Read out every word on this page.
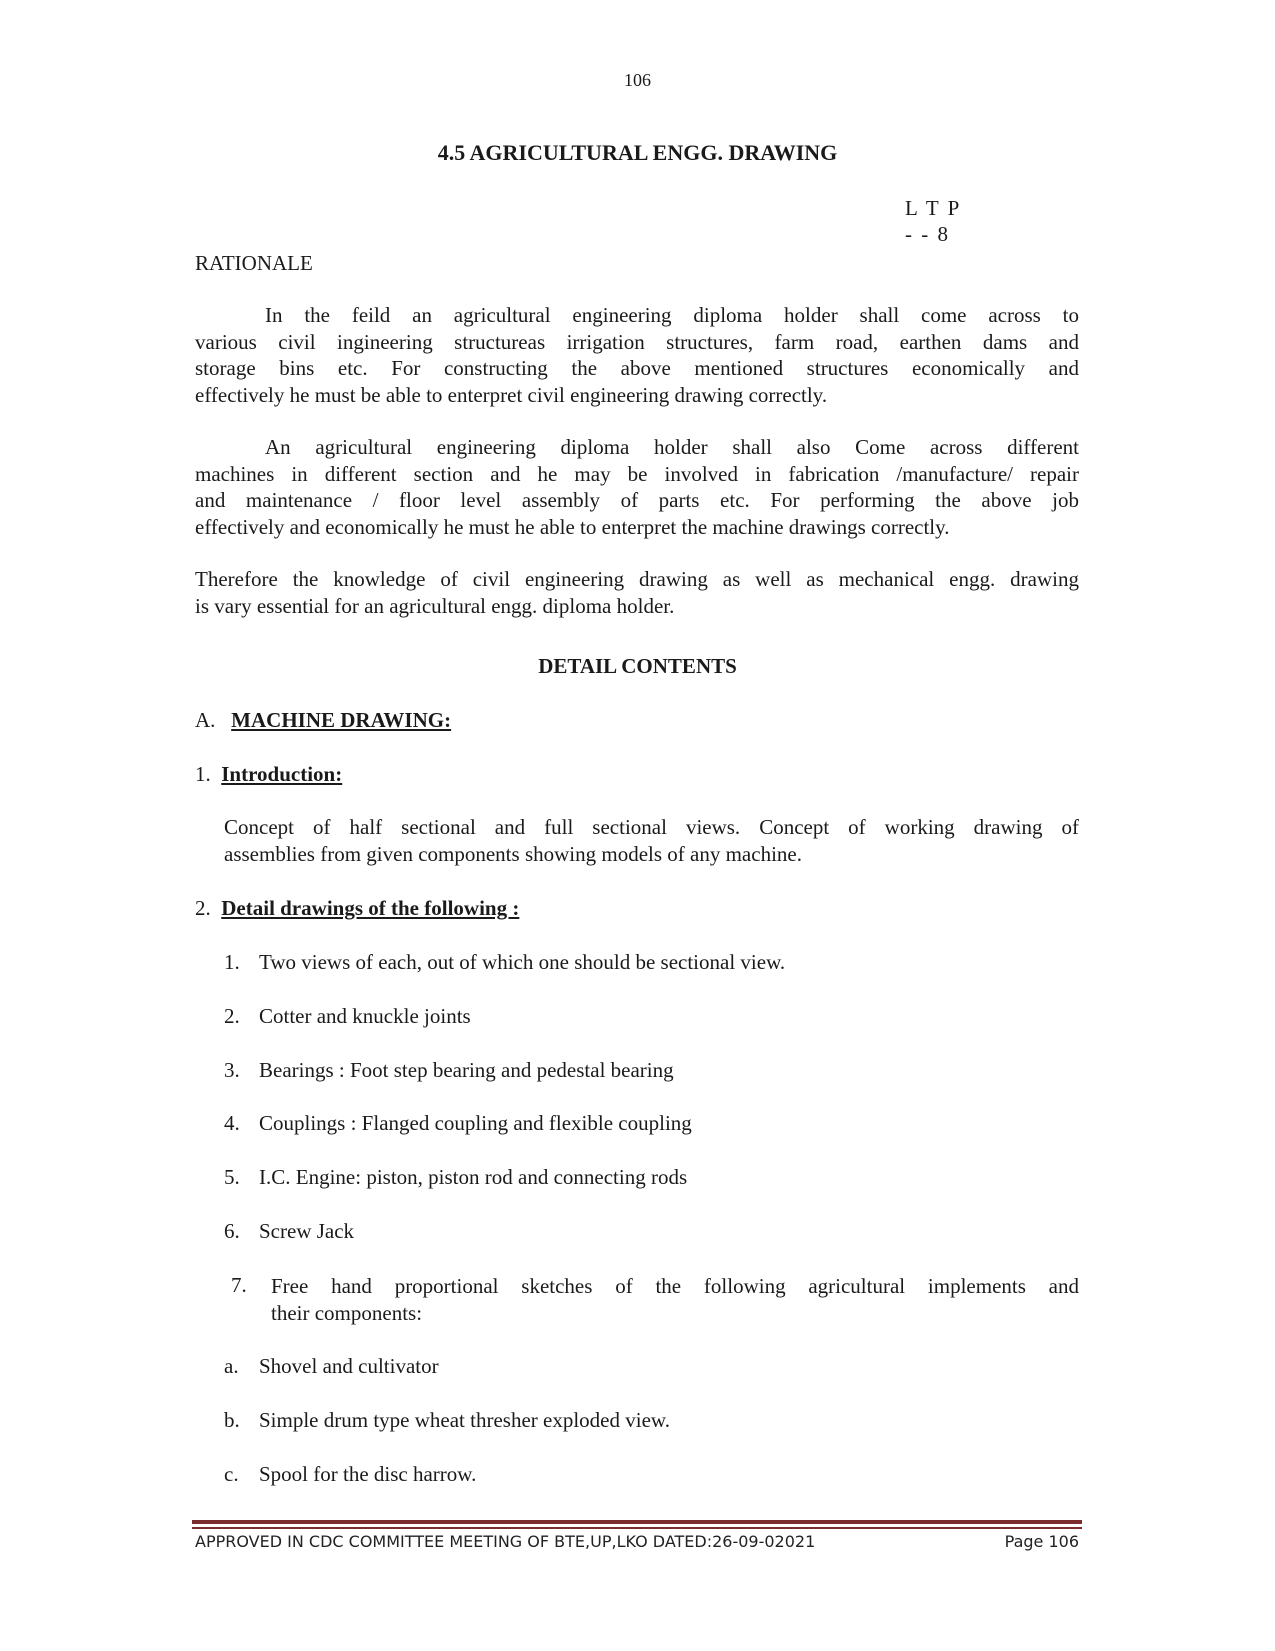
106
4.5 AGRICULTURAL ENGG. DRAWING
L T P
- - 8
RATIONALE
In the feild an agricultural engineering diploma holder shall come across to
various civil ingineering structureas irrigation structures, farm road, earthen dams and
storage bins etc. For constructing the above mentioned structures economically and
effectively he must be able to enterpret civil engineering drawing correctly.
An agricultural engineering diploma holder shall also Come across different
machines in different section and he may be involved in fabrication /manufacture/ repair
and maintenance / floor level assembly of parts etc. For performing the above job
effectively and economically he must he able to enterpret the machine drawings correctly.
Therefore the knowledge of civil engineering drawing as well as mechanical engg. drawing
is vary essential for an agricultural engg. diploma holder.
DETAIL CONTENTS
A. MACHINE DRAWING:
1. Introduction:
Concept of half sectional and full sectional views. Concept of working drawing of
assemblies from given components showing models of any machine.
2. Detail drawings of the following :
1. Two views of each, out of which one should be sectional view.
2. Cotter and knuckle joints
3. Bearings : Foot step bearing and pedestal bearing
4. Couplings : Flanged coupling and flexible coupling
5. I.C. Engine: piston, piston rod and connecting rods
6. Screw Jack
7. Free hand proportional sketches of the following agricultural implements and
their components:
a. Shovel and cultivator
b. Simple drum type wheat thresher exploded view.
c. Spool for the disc harrow.
APPROVED IN CDC COMMITTEE MEETING OF BTE,UP,LKO DATED:26-09-02021	Page 106
